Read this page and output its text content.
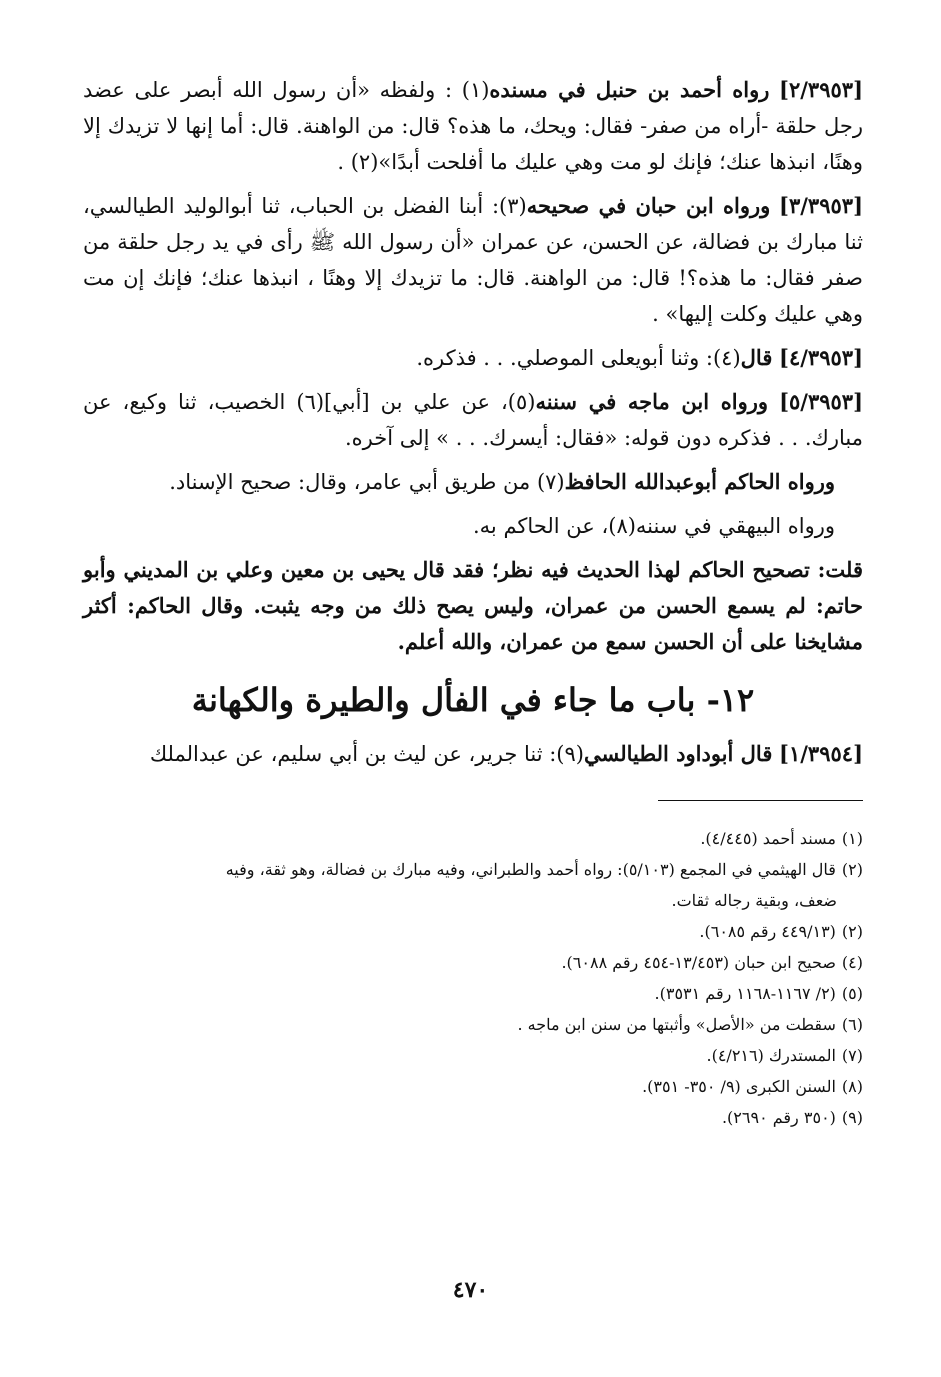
[٢/٣٩٥٣] رواه أحمد بن حنبل في مسنده(١) : ولفظه «أن رسول الله أبصر على عضد رجل حلقة -أراه من صفر- فقال: ويحك، ما هذه؟ قال: من الواهنة. قال: أما إنها لا تزيدك إلا وهنًا، انبذها عنك؛ فإنك لو مت وهي عليك ما أفلحت أبدًا»(٢) .

[٣/٣٩٥٣] ورواه ابن حبان في صحيحه(٣): أبنا الفضل بن الحباب، ثنا أبوالوليد الطيالسي، ثنا مبارك بن فضالة، عن الحسن، عن عمران «أن رسول الله ﷺ رأى في يد رجل حلقة من صفر فقال: ما هذه؟! قال: من الواهنة. قال: ما تزيدك إلا وهنًا ، انبذها عنك؛ فإنك إن مت وهي عليك وكلت إليها» .

[٤/٣٩٥٣] قال(٤): وثنا أبويعلى الموصلي. . . فذكره.

[٥/٣٩٥٣] ورواه ابن ماجه في سننه(٥)، عن علي بن [أبي](٦) الخصيب، ثنا وكيع، عن مبارك. . . فذكره دون قوله: «فقال: أيسرك. . . » إلى آخره.

ورواه الحاكم أبوعبدالله الحافظ(٧) من طريق أبي عامر، وقال: صحيح الإسناد.

ورواه البيهقي في سننه(٨)، عن الحاكم به.

قلت: تصحيح الحاكم لهذا الحديث فيه نظر؛ فقد قال يحيى بن معين وعلي بن المديني وأبو حاتم: لم يسمع الحسن من عمران، وليس يصح ذلك من وجه يثبت. وقال الحاكم: أكثر مشايخنا على أن الحسن سمع من عمران، والله أعلم.

١٢- باب ما جاء في الفأل والطيرة والكهانة

[١/٣٩٥٤] قال أبوداود الطيالسي(٩): ثنا جرير، عن ليث بن أبي سليم، عن عبدالملك

(١)مسند أحمد (٤/٤٤٥).
(٢)قال الهيثمي في المجمع (٥/١٠٣): رواه أحمد والطبراني، وفيه مبارك بن فضالة، وهو ثقة، وفيه
ضعف، وبقية رجاله ثقات.
(٢)(٤٤٩/١٣ رقم ٦٠٨٥).
(٤)صحيح ابن حبان (١٣/٤٥٣-٤٥٤ رقم ٦٠٨٨).
(٥)(٢/ ١١٦٧-١١٦٨ رقم ٣٥٣١).
(٦)سقطت من «الأصل» وأثبتها من سنن ابن ماجه .
(٧)المستدرك (٤/٢١٦).
(٨)السنن الكبرى (٩/ ٣٥٠- ٣٥١).
(٩)(٣٥٠ رقم ٢٦٩٠).
٤٧٠
